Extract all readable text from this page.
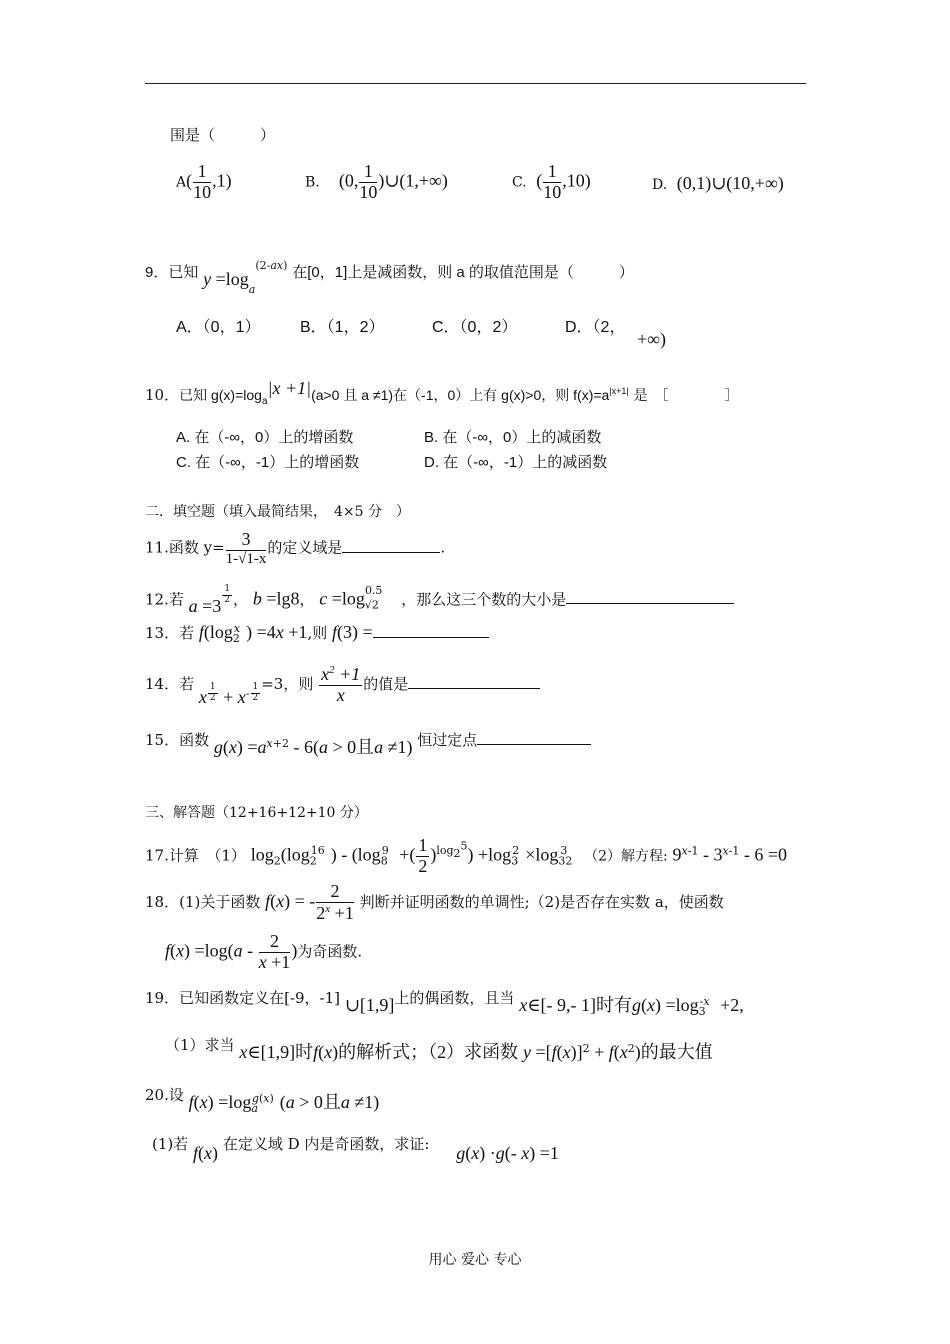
围是（　　　）
$A( \frac{1}{10} ,1)$	B. (0, $\frac{1}{10}$ )∪(1,+∞)	C. ( $\frac{1}{10} ,10$)	D. (0,1)∪(10,+∞)
9．已知 $y =\log_a^{(2-ax)}$ 在[0，1]上是减函数，则 a 的取值范围是（　　　）
A．（0，1） B．（1，2）	C．（0，2）	D．（2，
+∞)
10．已知 $g(x)=\log_a|x +1|(a>0$ 且 a ≠1)在（-1，0）上有 g(x)>0，则 $f(x)=a^{|x+1|}$ 是　［　　　　］
A. 在（-∞，0）上的增函数	B. 在（-∞，0）上的减函数
C. 在（-∞，-1）上的增函数	D. 在（-∞，-1）上的减函数
二．填空题（填入最简结果，　4×5 分　）
11.函数 $y= \frac{3}{1-√1-x}$ 的定义域是	.
12.若 a =3
$^{\frac{1}{2}}$ ， b =lg8， $c =\log_{√2}^{0.5}$ ，那么这三个数的大小是
13．若 $f(\log_2^x$ ) =4x +1,则 f(3) =
14．若 x $^{\frac{1}{2}} + x^{- \frac{1}{2}} =3$，则 $\frac{x^2 +1}{x}$ 的值是
15．函数 $g(x) =a^{x+2} - 6(a > 0$且a ≠1) 恒过定点
三、解答题（12+16+12+10 分）
17.计算　（1） $\log_2(\log_2^{16}$ ) - ($\log_8^9$ +( $\frac{1}{2} )^{log_2^5}) +\log_3^2 \times\log_{32}^3$ （2）解方程: 9$^{x-1}$ - 3$^{x-1}$ - 6 =0
18．(1)关于函数 f(x) = - $\frac{2}{2^x +1}$ 判断并证明函数的单调性;（2)是否存在实数 a，使函数
$f(x) =\log(a - \frac{2}{x +1}$ )为奇函数.
19．已知函数定义在[-9，-1] ∪[1,9]上的偶函数，且当 x∈[- 9,- 1]时有$g(x) =\log_3^{-x} +2$,
（1）求当 x∈[1,9]时f(x)的解析式；（2）求函数 $y =[f(x)]^2 + f(x^2)$的最大值
20.设 $f(x) =\log_a^{g(x)}$ (a > 0且a ≠1)
(1)若 f(x) 在定义域 D 内是奇函数，求证: g(x) ·g(- x) =1
用心 爱心 专心
